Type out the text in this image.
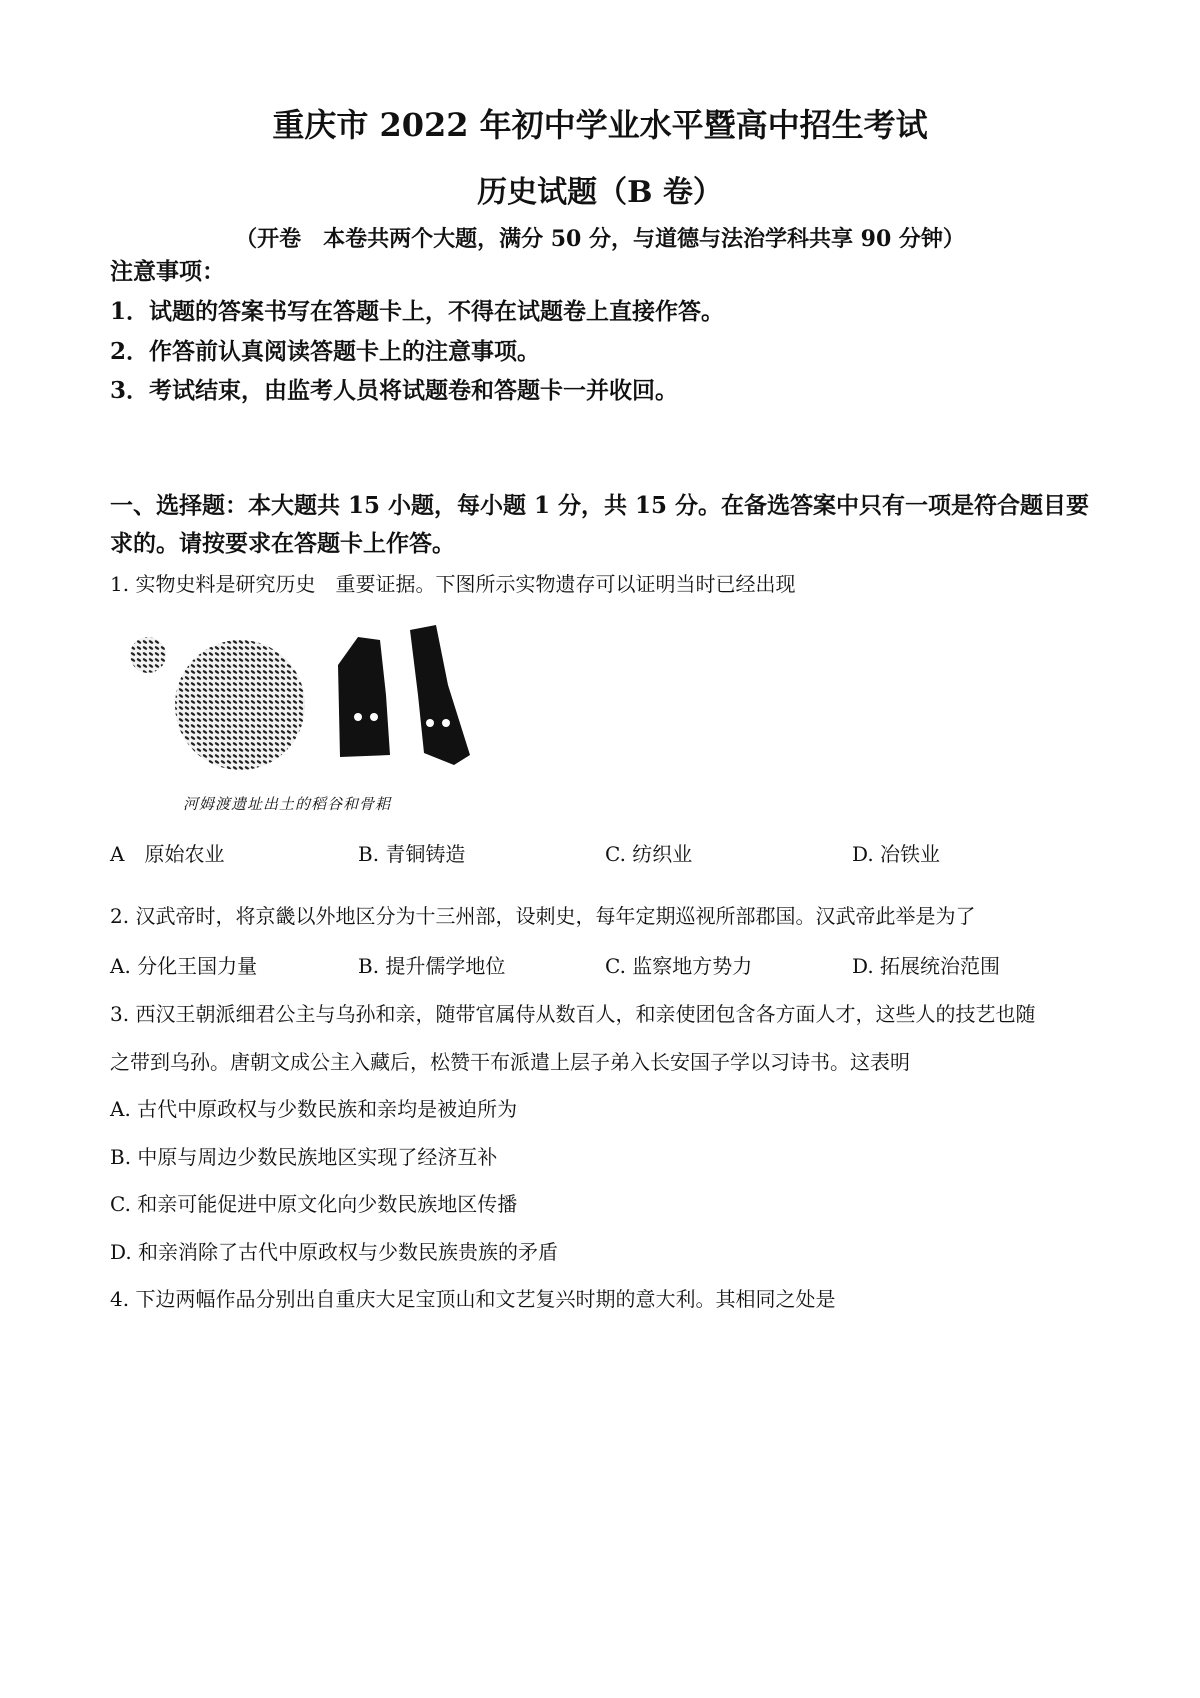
重庆市 2022 年初中学业水平暨高中招生考试
历史试题（B 卷）
（开卷　本卷共两个大题，满分 50 分，与道德与法治学科共享 90 分钟）
注意事项：
1．试题的答案书写在答题卡上，不得在试题卷上直接作答。
2．作答前认真阅读答题卡上的注意事项。
3．考试结束，由监考人员将试题卷和答题卡一并收回。
一、选择题：本大题共 15 小题，每小题 1 分，共 15 分。在备选答案中只有一项是符合题目要
求的。请按要求在答题卡上作答。
1. 实物史料是研究历史　重要证据。下图所示实物遗存可以证明当时已经出现
河姆渡遗址出土的稻谷和骨耜
A　原始农业	B. 青铜铸造	C. 纺织业	D. 冶铁业
2. 汉武帝时，将京畿以外地区分为十三州部，设刺史，每年定期巡视所部郡国。汉武帝此举是为了
A. 分化王国力量	B. 提升儒学地位	C. 监察地方势力	D. 拓展统治范围
3. 西汉王朝派细君公主与乌孙和亲，随带官属侍从数百人，和亲使团包含各方面人才，这些人的技艺也随
之带到乌孙。唐朝文成公主入藏后，松赞干布派遣上层子弟入长安国子学以习诗书。这表明
A. 古代中原政权与少数民族和亲均是被迫所为
B. 中原与周边少数民族地区实现了经济互补
C. 和亲可能促进中原文化向少数民族地区传播
D. 和亲消除了古代中原政权与少数民族贵族的矛盾
4. 下边两幅作品分别出自重庆大足宝顶山和文艺复兴时期的意大利。其相同之处是
